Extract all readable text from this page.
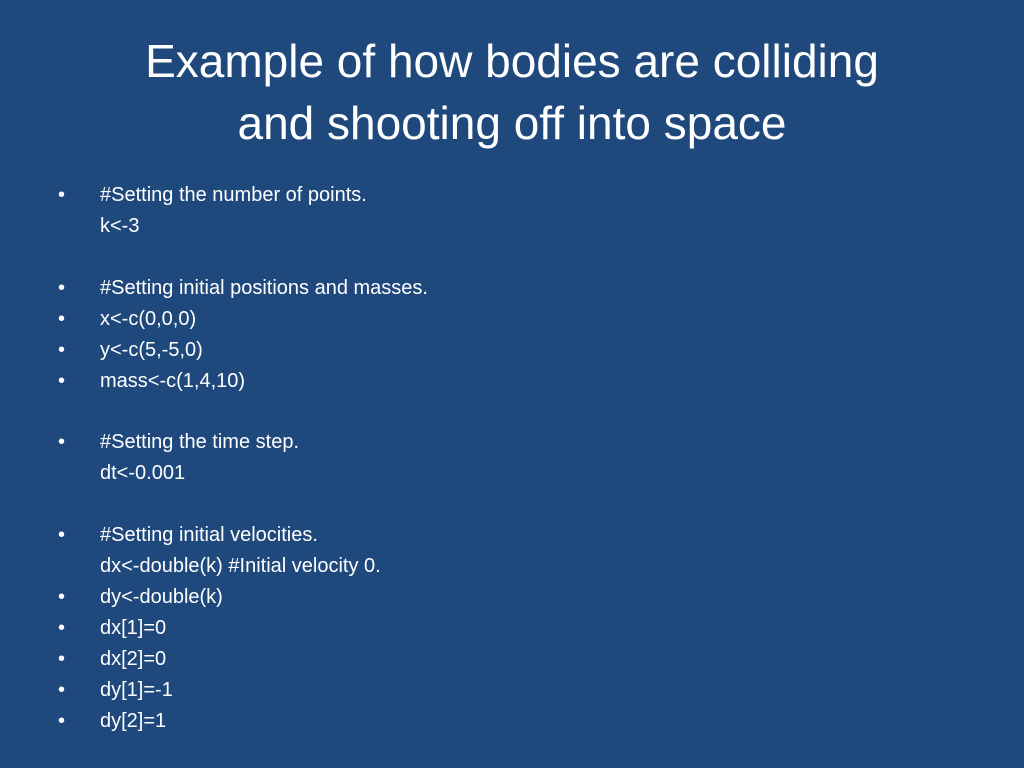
Example of how bodies are colliding
and shooting off into space
•	#Setting the number of points.
k<-3
•	#Setting initial positions and masses.
•	x<-c(0,0,0)
•	y<-c(5,-5,0)
•	mass<-c(1,4,10)
•	#Setting the time step.
dt<-0.001
•	#Setting initial velocities.
dx<-double(k) #Initial velocity 0.
•	dy<-double(k)
•	dx[1]=0
•	dx[2]=0
•	dy[1]=-1
•	dy[2]=1
